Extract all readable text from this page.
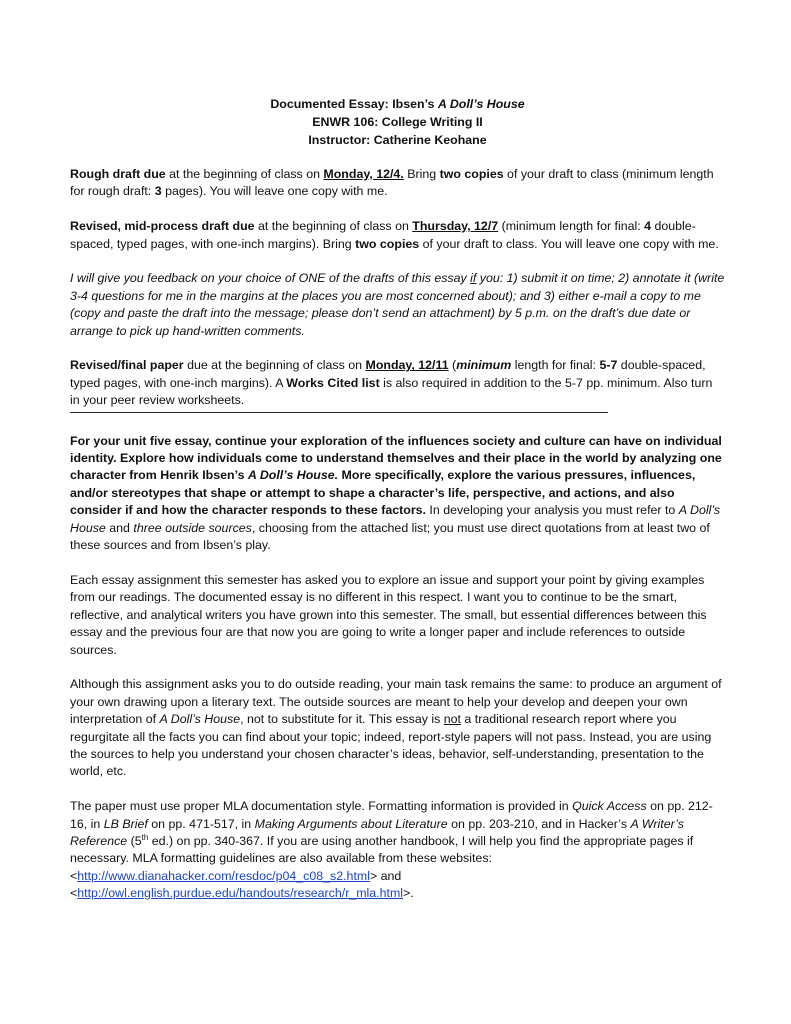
Documented Essay: Ibsen’s A Doll’s House
ENWR 106: College Writing II
Instructor: Catherine Keohane

Rough draft due at the beginning of class on Monday, 12/4. Bring two copies of your draft to class (minimum length for rough draft: 3 pages). You will leave one copy with me.

Revised, mid-process draft due at the beginning of class on Thursday, 12/7 (minimum length for final: 4 double-spaced, typed pages, with one-inch margins). Bring two copies of your draft to class. You will leave one copy with me.

I will give you feedback on your choice of ONE of the drafts of this essay if you: 1) submit it on time; 2) annotate it (write 3-4 questions for me in the margins at the places you are most concerned about); and 3) either e-mail a copy to me (copy and paste the draft into the message; please don’t send an attachment) by 5 p.m. on the draft’s due date or arrange to pick up hand-written comments.

Revised/final paper due at the beginning of class on Monday, 12/11 (minimum length for final: 5-7 double-spaced, typed pages, with one-inch margins). A Works Cited list is also required in addition to the 5-7 pp. minimum. Also turn in your peer review worksheets.

For your unit five essay, continue your exploration of the influences society and culture can have on individual identity. Explore how individuals come to understand themselves and their place in the world by analyzing one character from Henrik Ibsen’s A Doll’s House. More specifically, explore the various pressures, influences, and/or stereotypes that shape or attempt to shape a character’s life, perspective, and actions, and also consider if and how the character responds to these factors. In developing your analysis you must refer to A Doll’s House and three outside sources, choosing from the attached list; you must use direct quotations from at least two of these sources and from Ibsen’s play.

Each essay assignment this semester has asked you to explore an issue and support your point by giving examples from our readings. The documented essay is no different in this respect. I want you to continue to be the smart, reflective, and analytical writers you have grown into this semester. The small, but essential differences between this essay and the previous four are that now you are going to write a longer paper and include references to outside sources.

Although this assignment asks you to do outside reading, your main task remains the same: to produce an argument of your own drawing upon a literary text. The outside sources are meant to help your develop and deepen your own interpretation of A Doll’s House, not to substitute for it. This essay is not a traditional research report where you regurgitate all the facts you can find about your topic; indeed, report-style papers will not pass. Instead, you are using the sources to help you understand your chosen character’s ideas, behavior, self-understanding, presentation to the world, etc.

The paper must use proper MLA documentation style. Formatting information is provided in Quick Access on pp. 212-16, in LB Brief on pp. 471-517, in Making Arguments about Literature on pp. 203-210, and in Hacker’s A Writer’s Reference (5th ed.) on pp. 340-367. If you are using another handbook, I will help you find the appropriate pages if necessary. MLA formatting guidelines are also available from these websites:
<http://www.dianahacker.com/resdoc/p04_c08_s2.html> and
<http://owl.english.purdue.edu/handouts/research/r_mla.html>.
